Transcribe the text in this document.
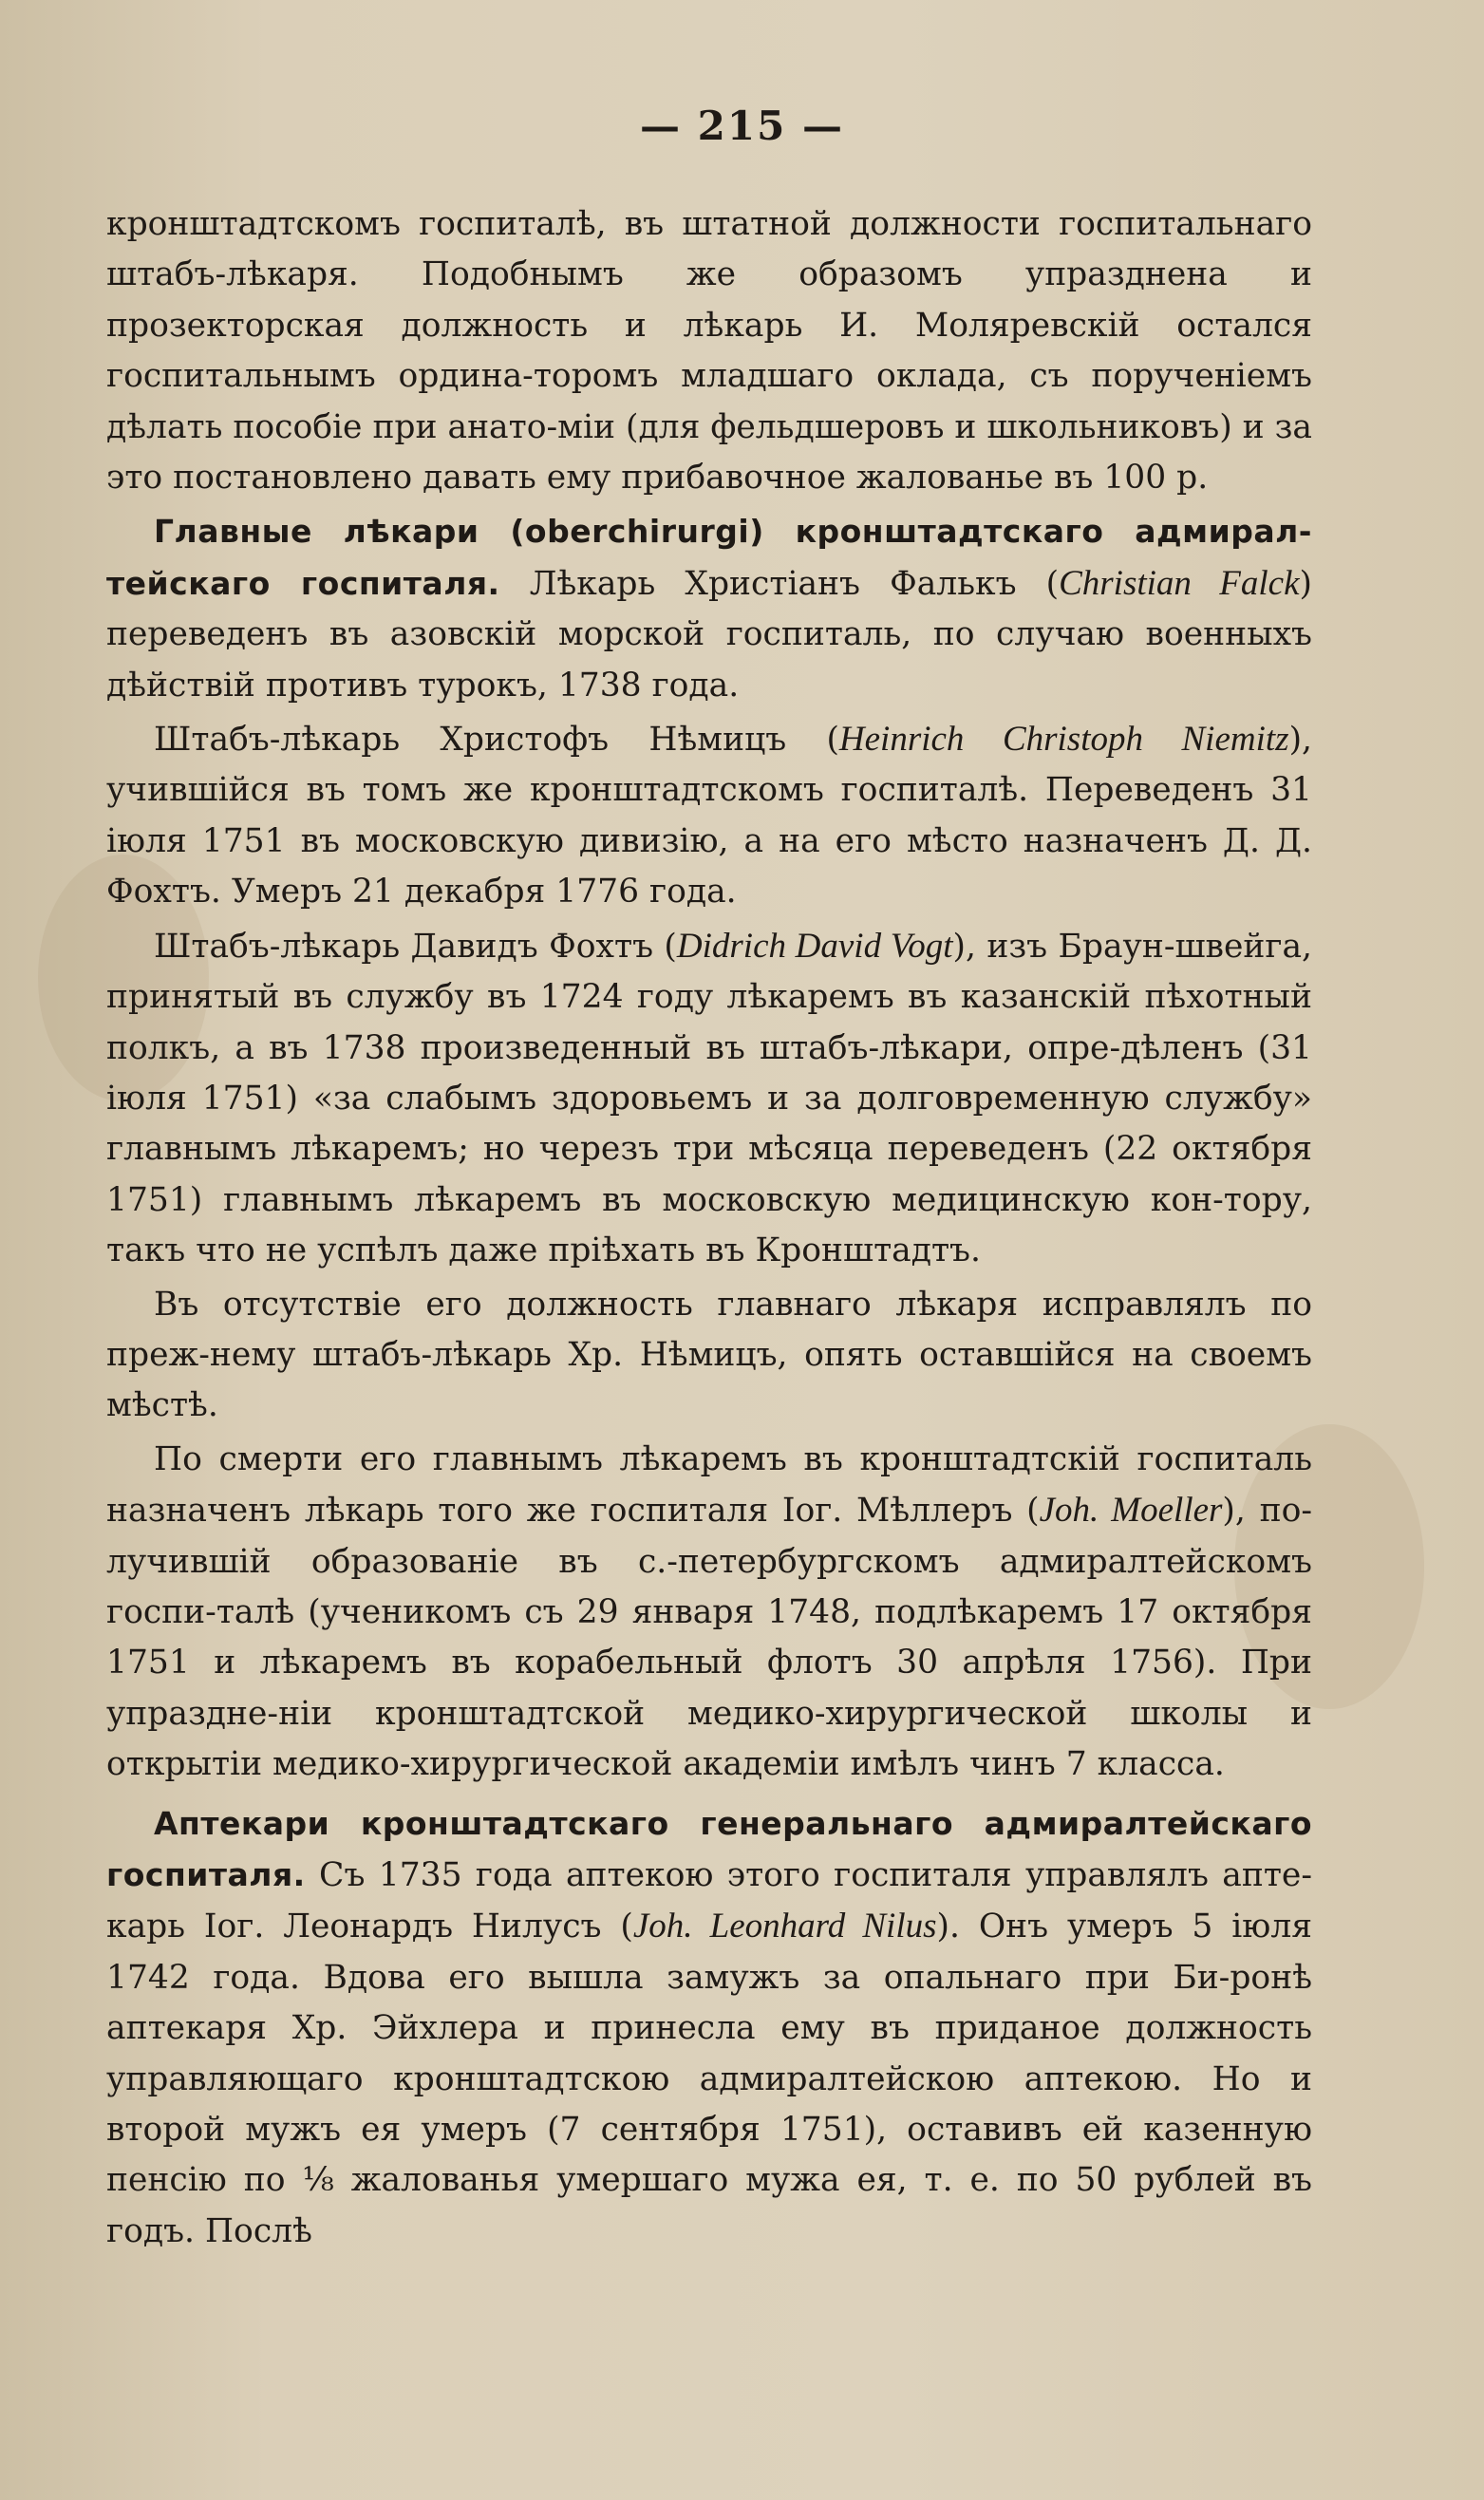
— 215 —

кронштадтскомъ госпиталѣ, въ штатной должности госпитальнаго штабъ-лѣкаря. Подобнымъ же образомъ упразднена и прозекторская должность и лѣкарь И. Моляревскій остался госпитальнымъ ордина-торомъ младшаго оклада, съ порученіемъ дѣлать пособіе при анато-міи (для фельдшеровъ и школьниковъ) и за это постановлено давать ему прибавочное жалованье въ 100 р.

Главные лѣкари (oberchirurgi) кронштадтскаго адмирал-тейскаго госпиталя. Лѣкарь Христіанъ Фалькъ (Christian Falck) переведенъ въ азовскій морской госпиталь, по случаю военныхъ дѣйствій противъ турокъ, 1738 года.

Штабъ-лѣкарь Христофъ Нѣмицъ (Heinrich Christoph Niemitz), учившійся въ томъ же кронштадтскомъ госпиталѣ. Переведенъ 31 іюля 1751 въ московскую дивизію, а на его мѣсто назначенъ Д. Д. Фохтъ. Умеръ 21 декабря 1776 года.

Штабъ-лѣкарь Давидъ Фохтъ (Didrich David Vogt), изъ Браун-швейга, принятый въ службу въ 1724 году лѣкаремъ въ казанскій пѣхотный полкъ, а въ 1738 произведенный въ штабъ-лѣкари, опре-дѣленъ (31 іюля 1751) «за слабымъ здоровьемъ и за долговременную службу» главнымъ лѣкаремъ; но черезъ три мѣсяца переведенъ (22 октября 1751) главнымъ лѣкаремъ въ московскую медицинскую кон-тору, такъ что не успѣлъ даже пріѣхать въ Кронштадтъ.

Въ отсутствіе его должность главнаго лѣкаря исправлялъ по преж-нему штабъ-лѣкарь Хр. Нѣмицъ, опять оставшійся на своемъ мѣстѣ.

По смерти его главнымъ лѣкаремъ въ кронштадтскій госпиталь назначенъ лѣкарь того же госпиталя Іог. Мѣллеръ (Joh. Moeller), по-лучившій образованіе въ с.-петербургскомъ адмиралтейскомъ госпи-талѣ (ученикомъ съ 29 января 1748, подлѣкаремъ 17 октября 1751 и лѣкаремъ въ корабельный флотъ 30 апрѣля 1756). При упраздне-ніи кронштадтской медико-хирургической школы и открытіи медико-хирургической академіи имѣлъ чинъ 7 класса.

Аптекари кронштадтскаго генеральнаго адмиралтейскаго госпиталя. Съ 1735 года аптекою этого госпиталя управлялъ апте-карь Іог. Леонардъ Нилусъ (Joh. Leonhard Nilus). Онъ умеръ 5 іюля 1742 года. Вдова его вышла замужъ за опальнаго при Би-ронѣ аптекаря Хр. Эйхлера и принесла ему въ приданое должность управляющаго кронштадтскою адмиралтейскою аптекою. Но и второй мужъ ея умеръ (7 сентября 1751), оставивъ ей казенную пенсію по ⅛ жалованья умершаго мужа ея, т. е. по 50 рублей въ годъ. Послѣ
